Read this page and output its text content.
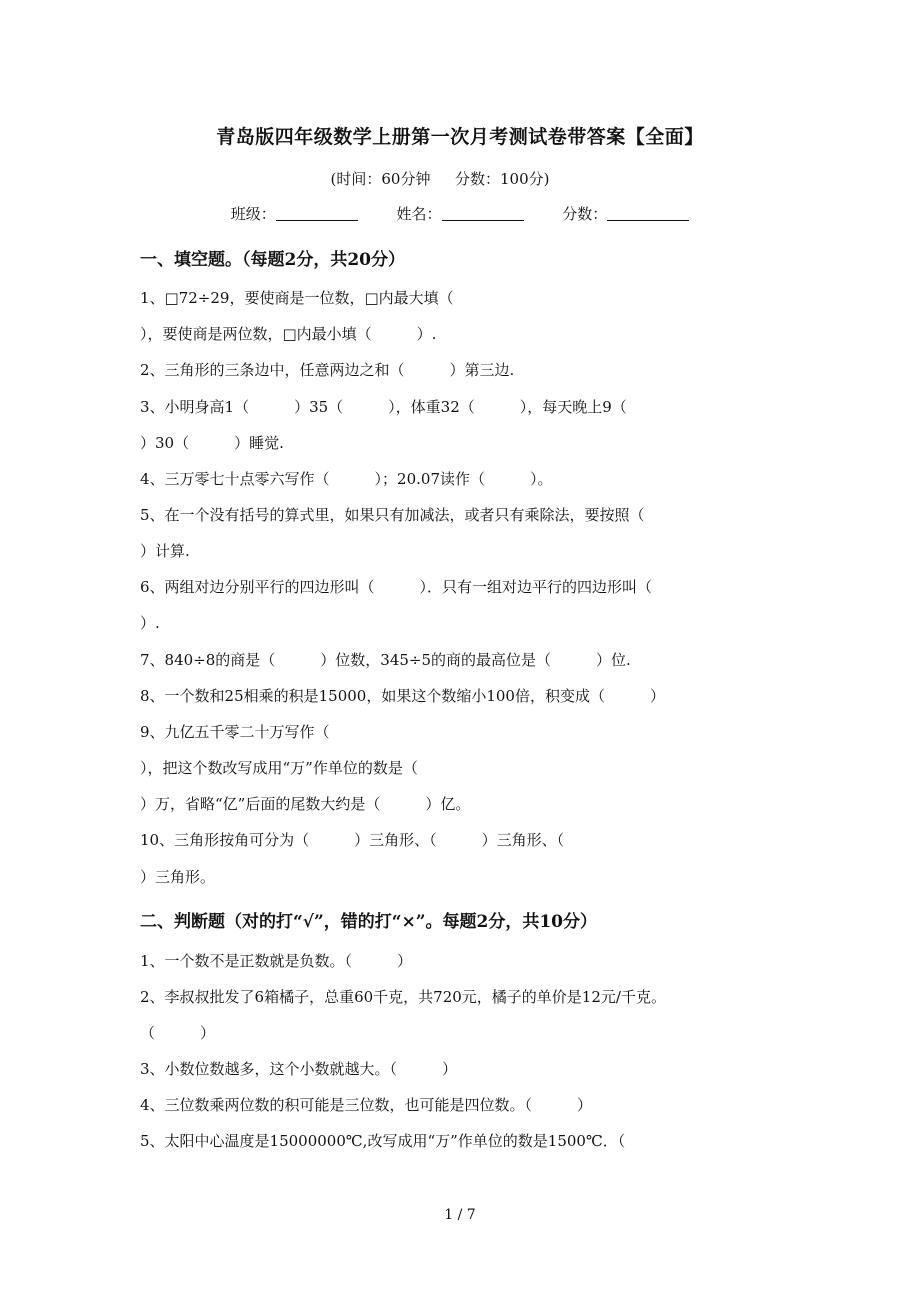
青岛版四年级数学上册第一次月考测试卷带答案【全面】
(时间：60分钟　  分数：100分)
班级：	姓名：	分数：
一、填空题。（每题2分，共20分）
1、□72÷29，要使商是一位数，□内最大填（
），要使商是两位数，□内最小填（　　　）.
2、三角形的三条边中，任意两边之和（　　　）第三边.
3、小明身高1（　　　）35（　　　），体重32（　　　），每天晚上9（
）30（　　　）睡觉.
4、三万零七十点零六写作（　　　）；20.07读作（　　　）。
5、在一个没有括号的算式里，如果只有加减法，或者只有乘除法，要按照（
）计算.
6、两组对边分别平行的四边形叫（　　　）．只有一组对边平行的四边形叫（
）.
7、840÷8的商是（　　　）位数，345÷5的商的最高位是（　　　）位.
8、一个数和25相乘的积是15000，如果这个数缩小100倍，积变成（　　　）
9、九亿五千零二十万写作（
），把这个数改写成用“万”作单位的数是（
）万，省略“亿”后面的尾数大约是（　　　）亿。
10、三角形按角可分为（　　　）三角形、（　　　）三角形、（
）三角形。
二、判断题（对的打“√”，错的打“×”。每题2分，共10分）
1、一个数不是正数就是负数。（　　　）
2、李叔叔批发了6箱橘子，总重60千克，共720元，橘子的单价是12元/千克。
（　　　）
3、小数位数越多，这个小数就越大。（　　　）
4、三位数乘两位数的积可能是三位数，也可能是四位数。（　　　）
5、太阳中心温度是15000000℃,改写成用“万”作单位的数是1500℃．（
1 / 7
